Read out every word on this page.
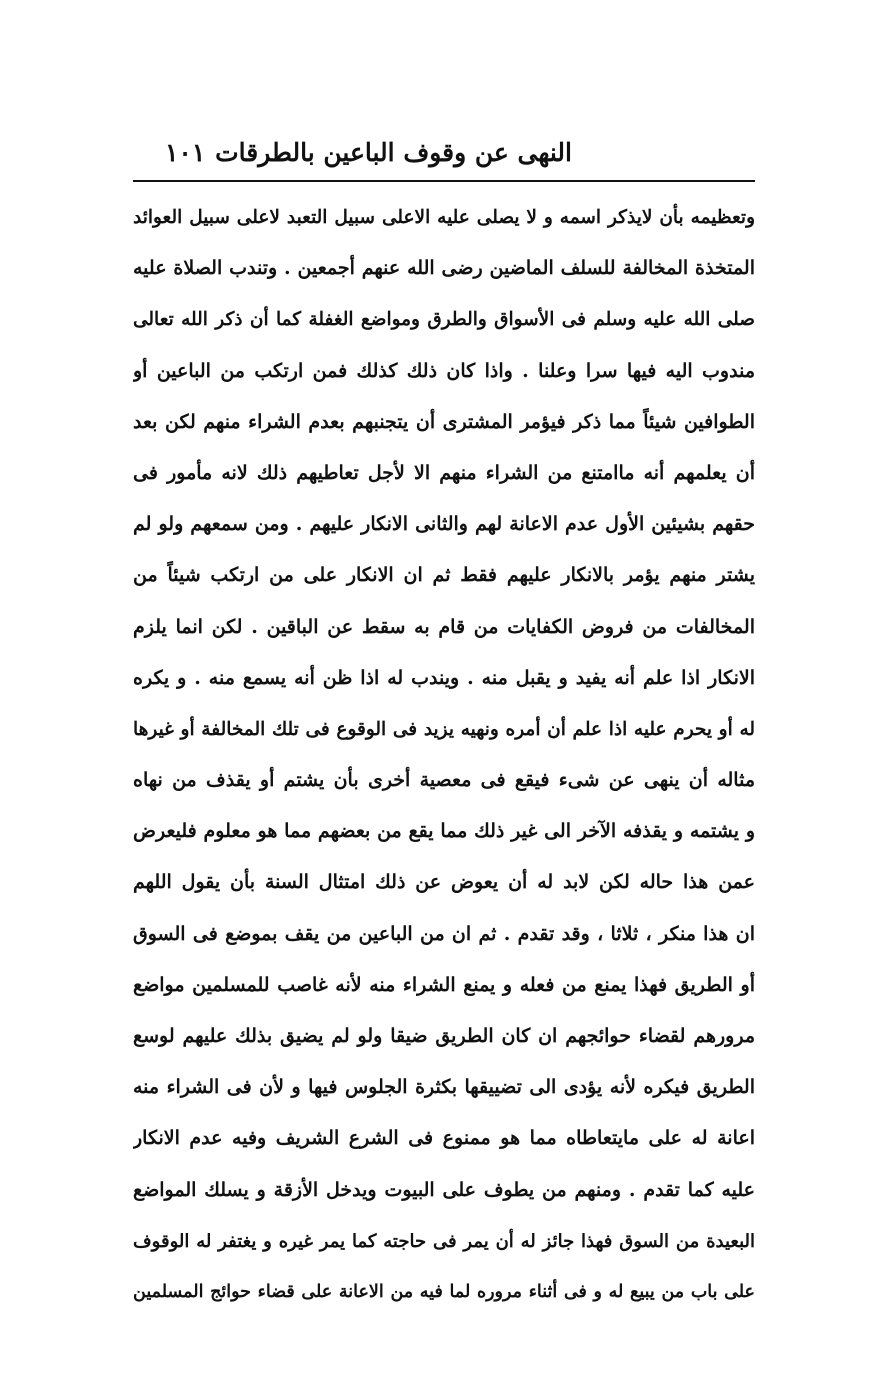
النهى عن وقوف الباعين بالطرقات
١٠١
وتعظيمه بأن لايذكر اسمه و لا يصلى عليه الاعلى سبيل التعبد لاعلى سبيل العوائد
المتخذة المخالفة للسلف الماضين رضى الله عنهم أجمعين . وتندب الصلاة عليه
صلى الله عليه وسلم فى الأسواق والطرق ومواضع الغفلة كما أن ذكر الله تعالى
مندوب اليه فيها سرا وعلنا . واذا كان ذلك كذلك فمن ارتكب من الباعين أو
الطوافين شيئاً مما ذكر فيؤمر المشترى أن يتجنبهم بعدم الشراء منهم لكن بعد
أن يعلمهم أنه ماامتنع من الشراء منهم الا لأجل تعاطيهم ذلك لانه مأمور فى
حقهم بشيئين الأول عدم الاعانة لهم والثانى الانكار عليهم . ومن سمعهم ولو لم
يشتر منهم يؤمر بالانكار عليهم فقط ثم ان الانكار على من ارتكب شيئاً من
المخالفات من فروض الكفايات من قام به سقط عن الباقين . لكن انما يلزم
الانكار اذا علم أنه يفيد و يقبل منه . ويندب له اذا ظن أنه يسمع منه . و يكره
له أو يحرم عليه اذا علم أن أمره ونهيه يزيد فى الوقوع فى تلك المخالفة أو غيرها
مثاله أن ينهى عن شىء فيقع فى معصية أخرى بأن يشتم أو يقذف من نهاه
و يشتمه و يقذفه الآخر الى غير ذلك مما يقع من بعضهم مما هو معلوم فليعرض
عمن هذا حاله لكن لابد له أن يعوض عن ذلك امتثال السنة بأن يقول اللهم
ان هذا منكر ، ثلاثا ، وقد تقدم . ثم ان من الباعين من يقف بموضع فى السوق
أو الطريق فهذا يمنع من فعله و يمنع الشراء منه لأنه غاصب للمسلمين مواضع
مرورهم لقضاء حوائجهم ان كان الطريق ضيقا ولو لم يضيق بذلك عليهم لوسع
الطريق فيكره لأنه يؤدى الى تضييقها بكثرة الجلوس فيها و لأن فى الشراء منه
اعانة له على مايتعاطاه مما هو ممنوع فى الشرع الشريف وفيه عدم الانكار
عليه كما تقدم . ومنهم من يطوف على البيوت ويدخل الأزقة و يسلك المواضع
البعيدة من السوق فهذا جائز له أن يمر فى حاجته كما يمر غيره و يغتفر له الوقوف
على باب من يبيع له و فى أثناء مروره لما فيه من الاعانة على قضاء حوائج المسلمين
